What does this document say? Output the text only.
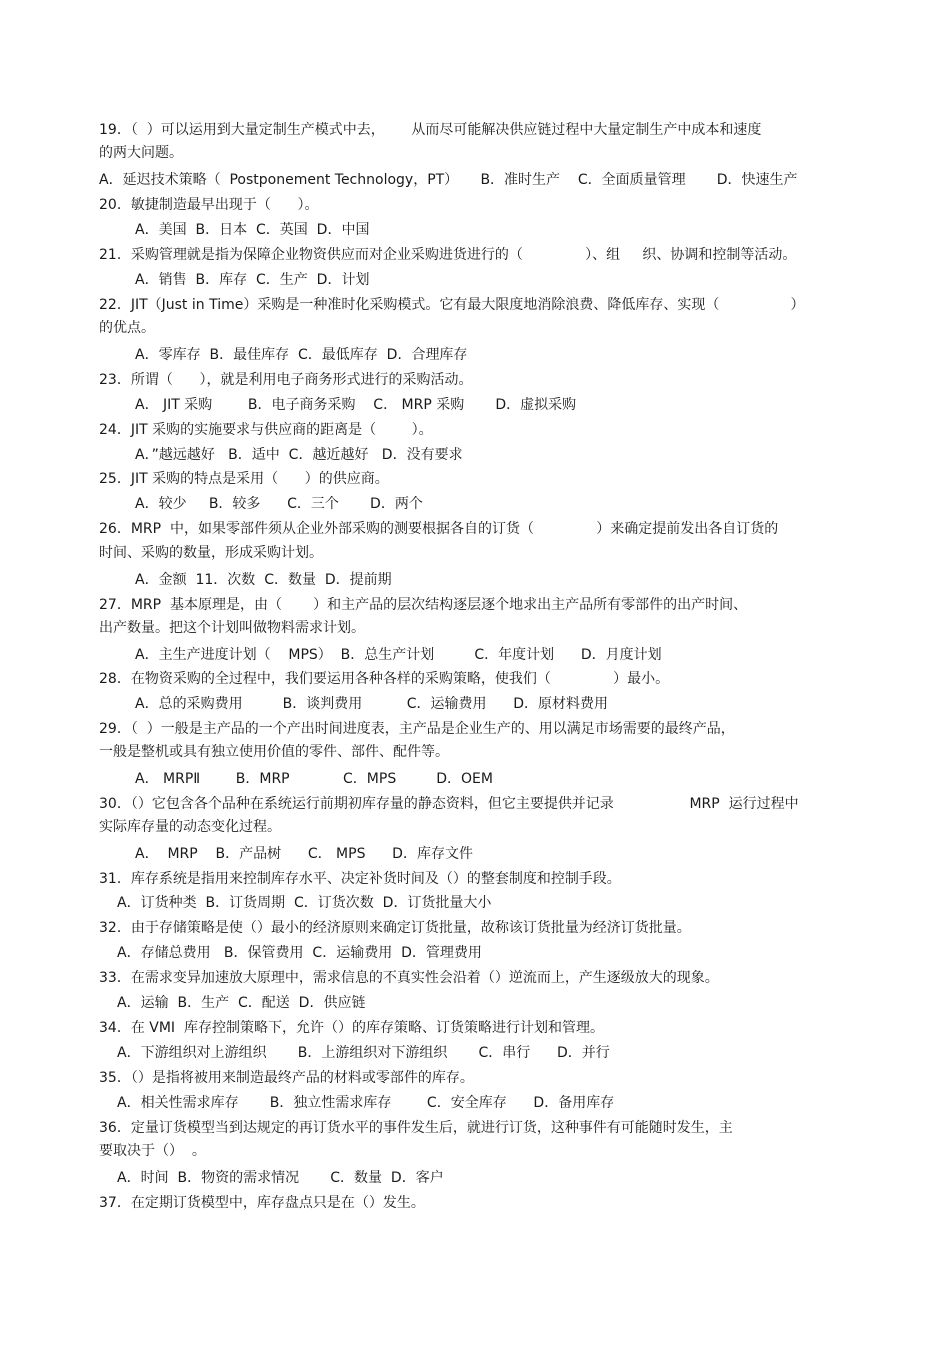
19．（  ）可以运用到大量定制生产模式中去，      从而尽可能解决供应链过程中大量定制生产中成本和速度
的两大问题。
A．延迟技术策略（  Postponement Technology，PT）     B．准时生产    C．全面质量管理       D．快速生产
20．敏捷制造最早出现于（      ）。
A．美国  B．日本  C．英国  D．中国
21．采购管理就是指为保障企业物资供应而对企业采购进货进行的（              ）、组     织、协调和控制等活动。
A．销售  B．库存  C．生产  D．计划
22．JIT（Just in Time）采购是一种准时化采购模式。它有最大限度地消除浪费、降低库存、实现（                ）
的优点。
A．零库存  B．最佳库存  C．最低库存  D．合理库存
23．所谓（      ），就是利用电子商务形式进行的采购活动。
A． JIT 采购        B．电子商务采购    C． MRP 采购       D．虚拟采购
24．JIT 采购的实施要求与供应商的距离是（        ）。
A．”越远越好   B．适中  C．越近越好   D．没有要求
25．JIT 采购的特点是采用（      ）的供应商。
A．较少     B．较多      C．三个       D．两个
26．MRP  中，如果零部件须从企业外部采购的测要根据各自的订货（              ）来确定提前发出各自订货的
时间、采购的数量，形成采购计划。
A．金额  11．次数  C．数量  D．提前期
27．MRP  基本原理是，由（       ）和主产品的层次结构逐层逐个地求出主产品所有零部件的出产时间、
出产数量。把这个计划叫做物料需求计划。
A．主生产进度计划（    MPS）  B．总生产计划         C．年度计划      D．月度计划
28．在物资采购的全过程中，我们要运用各种各样的采购策略，使我们（              ）最小。
A．总的采购费用         B．谈判费用          C．运输费用      D．原材料费用
29．（  ）一般是主产品的一个产出时间进度表，主产品是企业生产的、用以满足市场需要的最终产品，
一般是整机或具有独立使用价值的零件、部件、配件等。
A． MRPⅡ        B．MRP            C．MPS         D．OEM
30．（）它包含各个品种在系统运行前期初库存量的静态资料，但它主要提供并记录                 MRP  运行过程中
实际库存量的动态变化过程。
A．  MRP    B．产品树      C． MPS      D．库存文件
31．库存系统是指用来控制库存水平、决定补货时间及（）的整套制度和控制手段。
A．订货种类  B．订货周期  C．订货次数  D．订货批量大小
32．由于存储策略是使（）最小的经济原则来确定订货批量，故称该订货批量为经济订货批量。
A．存储总费用   B．保管费用  C．运输费用  D．管理费用
33．在需求变异加速放大原理中，需求信息的不真实性会沿着（）逆流而上，产生逐级放大的现象。
A．运输  B．生产  C．配送  D．供应链
34．在 VMI  库存控制策略下，允许（）的库存策略、订货策略进行计划和管理。
A．下游组织对上游组织       B．上游组织对下游组织       C．串行      D．并行
35．（）是指将被用来制造最终产品的材料或零部件的库存。
A．相关性需求库存       B．独立性需求库存        C．安全库存      D．备用库存
36．定量订货模型当到达规定的再订货水平的事件发生后，就进行订货，这种事件有可能随时发生，主
要取决于（）  。
A．时间  B．物资的需求情况       C．数量  D．客户
37．在定期订货模型中，库存盘点只是在（）发生。
